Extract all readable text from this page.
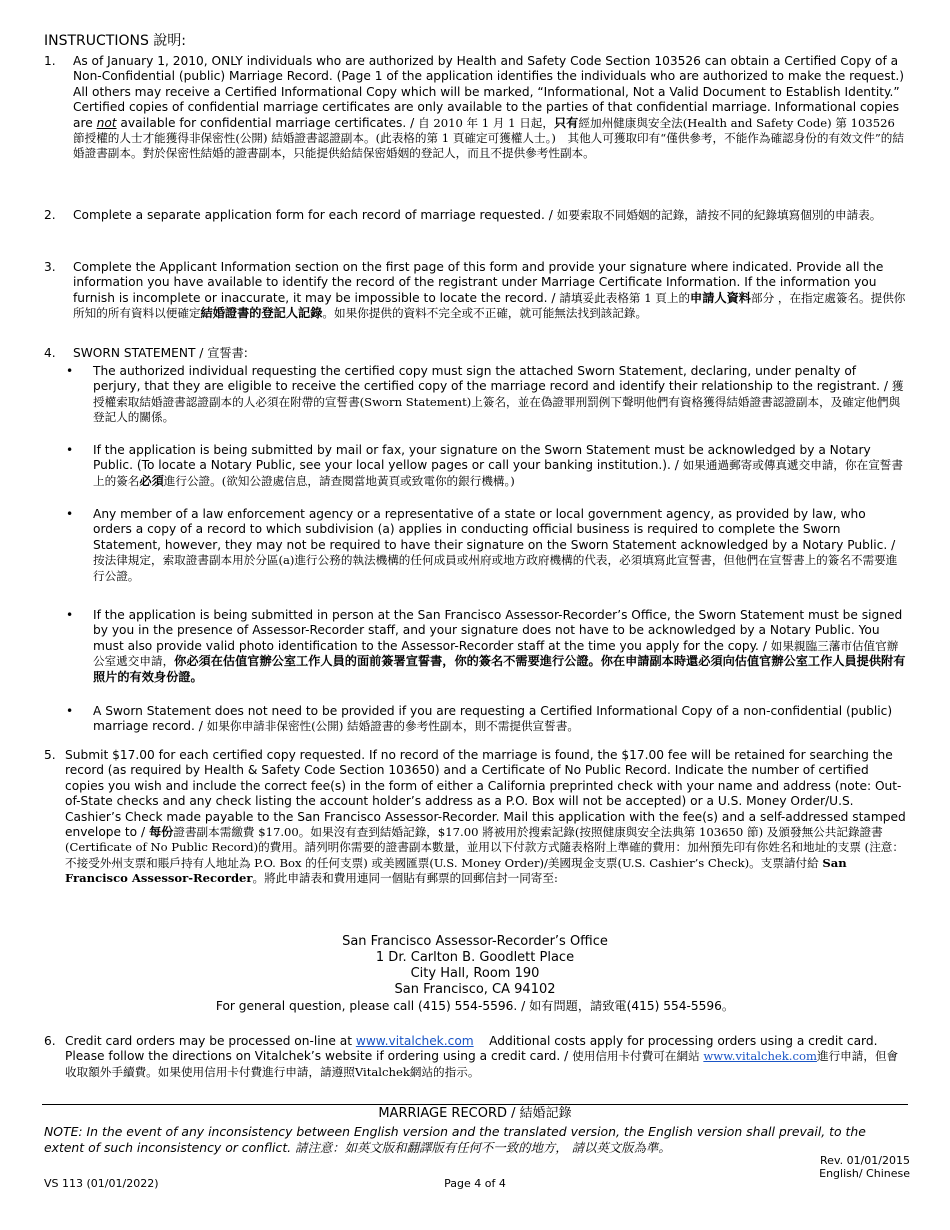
INSTRUCTIONS 說明:
1. As of January 1, 2010, ONLY individuals who are authorized by Health and Safety Code Section 103526 can obtain a Certified Copy of a Non-Confidential (public) Marriage Record. (Page 1 of the application identifies the individuals who are authorized to make the request.) All others may receive a Certified Informational Copy which will be marked, “Informational, Not a Valid Document to Establish Identity.” Certified copies of confidential marriage certificates are only available to the parties of that confidential marriage. Informational copies are not available for confidential marriage certificates. / 自 2010 年 1 月 1 日起，只有經加州健康與安全法(Health and Safety Code) 第 103526 節授權的人士才能獲得非保密性(公開) 結婚證書認證副本。(此表格的第 1 頁確定可獲權人士。)　其他人可獲取印有“僅供參考，不能作為確認身份的有效文件”的結婚證書副本。對於保密性結婚的證書副本，只能提供給結保密婚姻的登記人，而且不提供參考性副本。
2. Complete a separate application form for each record of marriage requested. / 如要索取不同婚姻的記錄，請按不同的紀錄填寫個別的申請表。
3. Complete the Applicant Information section on the first page of this form and provide your signature where indicated. Provide all the information you have available to identify the record of the registrant under Marriage Certificate Information. If the information you furnish is incomplete or inaccurate, it may be impossible to locate the record. / 請填妥此表格第 1 頁上的申請人資料部分 ，在指定處簽名。提供你所知的所有資料以便確定結婚證書的登記人記錄。如果你提供的資料不完全或不正確，就可能無法找到該記錄。
4. SWORN STATEMENT / 宣誓書:
• The authorized individual requesting the certified copy must sign the attached Sworn Statement, declaring, under penalty of perjury, that they are eligible to receive the certified copy of the marriage record and identify their relationship to the registrant. / 獲授權索取結婚證書認證副本的人必須在附帶的宣誓書(Sworn Statement)上簽名，並在偽證罪刑罰例下聲明他們有資格獲得結婚證書認證副本，及確定他們與登記人的關係。
• If the application is being submitted by mail or fax, your signature on the Sworn Statement must be acknowledged by a Notary Public. (To locate a Notary Public, see your local yellow pages or call your banking institution.). / 如果通過郵寄或傳真遞交申請，你在宣誓書上的簽名必須進行公證。(欲知公證處信息，請查閱當地黃頁或致電你的銀行機構。)
• Any member of a law enforcement agency or a representative of a state or local government agency, as provided by law, who orders a copy of a record to which subdivision (a) applies in conducting official business is required to complete the Sworn Statement, however, they may not be required to have their signature on the Sworn Statement acknowledged by a Notary Public. / 按法律規定，索取證書副本用於分區(a)進行公務的執法機構的任何成員或州府或地方政府機構的代表，必須填寫此宣誓書，但他們在宣誓書上的簽名不需要進行公證。
• If the application is being submitted in person at the San Francisco Assessor-Recorder’s Office, the Sworn Statement must be signed by you in the presence of Assessor-Recorder staff, and your signature does not have to be acknowledged by a Notary Public. You must also provide valid photo identification to the Assessor-Recorder staff at the time you apply for the copy. / 如果親臨三藩市估值官辦公室遞交申請，你必須在估值官辦公室工作人員的面前簽署宣誓書，你的簽名不需要進行公證。你在申請副本時還必須向估值官辦公室工作人員提供附有照片的有效身份證。
• A Sworn Statement does not need to be provided if you are requesting a Certified Informational Copy of a non-confidential (public) marriage record. / 如果你申請非保密性(公開) 結婚證書的參考性副本，則不需提供宣誓書。
5. Submit $17.00 for each certified copy requested. If no record of the marriage is found, the $17.00 fee will be retained for searching the record (as required by Health & Safety Code Section 103650) and a Certificate of No Public Record. Indicate the number of certified copies you wish and include the correct fee(s) in the form of either a California preprinted check with your name and address (note: Out-of-State checks and any check listing the account holder’s address as a P.O. Box will not be accepted) or a U.S. Money Order/U.S. Cashier’s Check made payable to the San Francisco Assessor-Recorder. Mail this application with the fee(s) and a self-addressed stamped envelope to / 每份證書副本需繳費 $17.00。如果沒有查到結婚記錄，$17.00 將被用於搜索記錄(按照健康與安全法典第 103650 節) 及頒發無公共記錄證書 (Certificate of No Public Record)的費用。請列明你需要的證書副本數量，並用以下付款方式隨表格附上準確的費用：加州預先印有你姓名和地址的支票 (注意：不接受外州支票和賬戶持有人地址為 P.O. Box 的任何支票) 或美國匯票(U.S. Money Order)/美國現金支票(U.S. Cashier’s Check)。支票請付給 San Francisco Assessor-Recorder。將此申請表和費用連同一個貼有郵票的回郵信封一同寄至:
San Francisco Assessor-Recorder’s Office
1 Dr. Carlton B. Goodlett Place
City Hall, Room 190
San Francisco, CA 94102
For general question, please call (415) 554-5596. / 如有問題，請致電(415) 554-5596。
6. Credit card orders may be processed on-line at www.vitalchek.com    Additional costs apply for processing orders using a credit card.  Please follow the directions on Vitalchek’s website if ordering using a credit card. / 使用信用卡付費可在網站 www.vitalchek.com進行申請，但會收取額外手續費。如果使用信用卡付費進行申請，請遵照Vitalchek網站的指示。
MARRIAGE RECORD / 結婚記錄
NOTE: In the event of any inconsistency between English version and the translated version, the English version shall prevail, to the extent of such inconsistency or conflict. 請注意：如英文版和翻譯版有任何不一致的地方， 請以英文版為準。
Rev. 01/01/2015
English/ Chinese
VS 113 (01/01/2022)	Page 4 of 4
